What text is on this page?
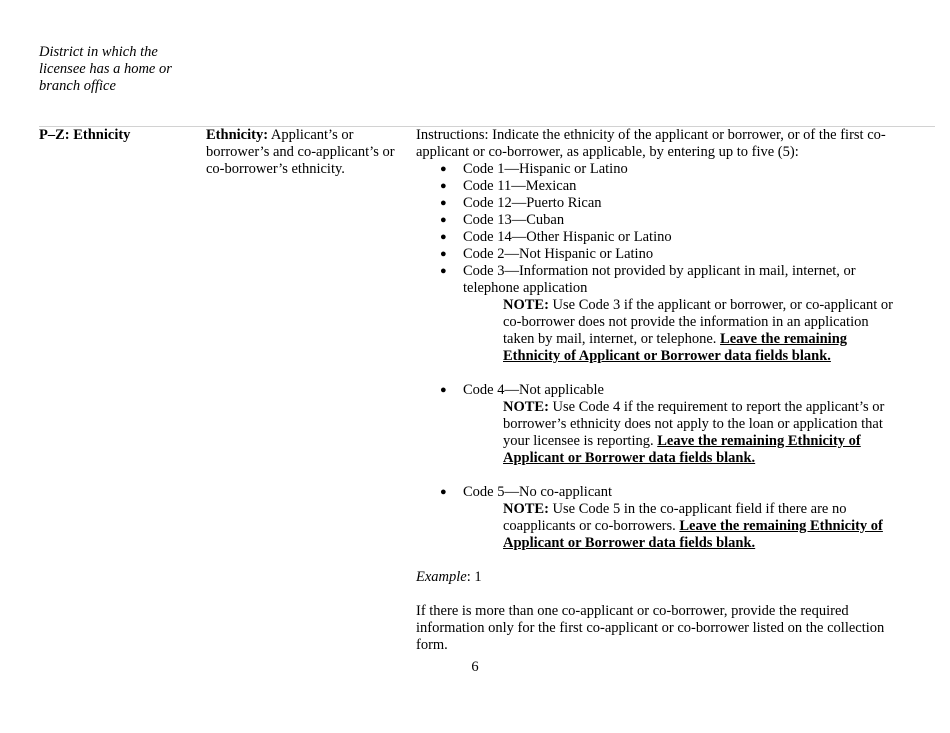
District in which the licensee has a home or branch office
P–Z: Ethnicity	Ethnicity: Applicant’s or borrower’s and co-applicant’s or co-borrower’s ethnicity.
Instructions: Indicate the ethnicity of the applicant or borrower, or of the first co-applicant or co-borrower, as applicable, by entering up to five (5):
● Code 1—Hispanic or Latino
● Code 11—Mexican
● Code 12—Puerto Rican
● Code 13—Cuban
● Code 14—Other Hispanic or Latino
● Code 2—Not Hispanic or Latino
● Code 3—Information not provided by applicant in mail, internet, or telephone application
NOTE: Use Code 3 if the applicant or borrower, or co-applicant or co-borrower does not provide the information in an application taken by mail, internet, or telephone. Leave the remaining Ethnicity of Applicant or Borrower data fields blank.
● Code 4—Not applicable
NOTE: Use Code 4 if the requirement to report the applicant’s or borrower’s ethnicity does not apply to the loan or application that your licensee is reporting. Leave the remaining Ethnicity of Applicant or Borrower data fields blank.
● Code 5—No co-applicant
NOTE: Use Code 5 in the co-applicant field if there are no coapplicants or co-borrowers. Leave the remaining Ethnicity of Applicant or Borrower data fields blank.
Example: 1
If there is more than one co-applicant or co-borrower, provide the required information only for the first co-applicant or co-borrower listed on the collection form.
6
